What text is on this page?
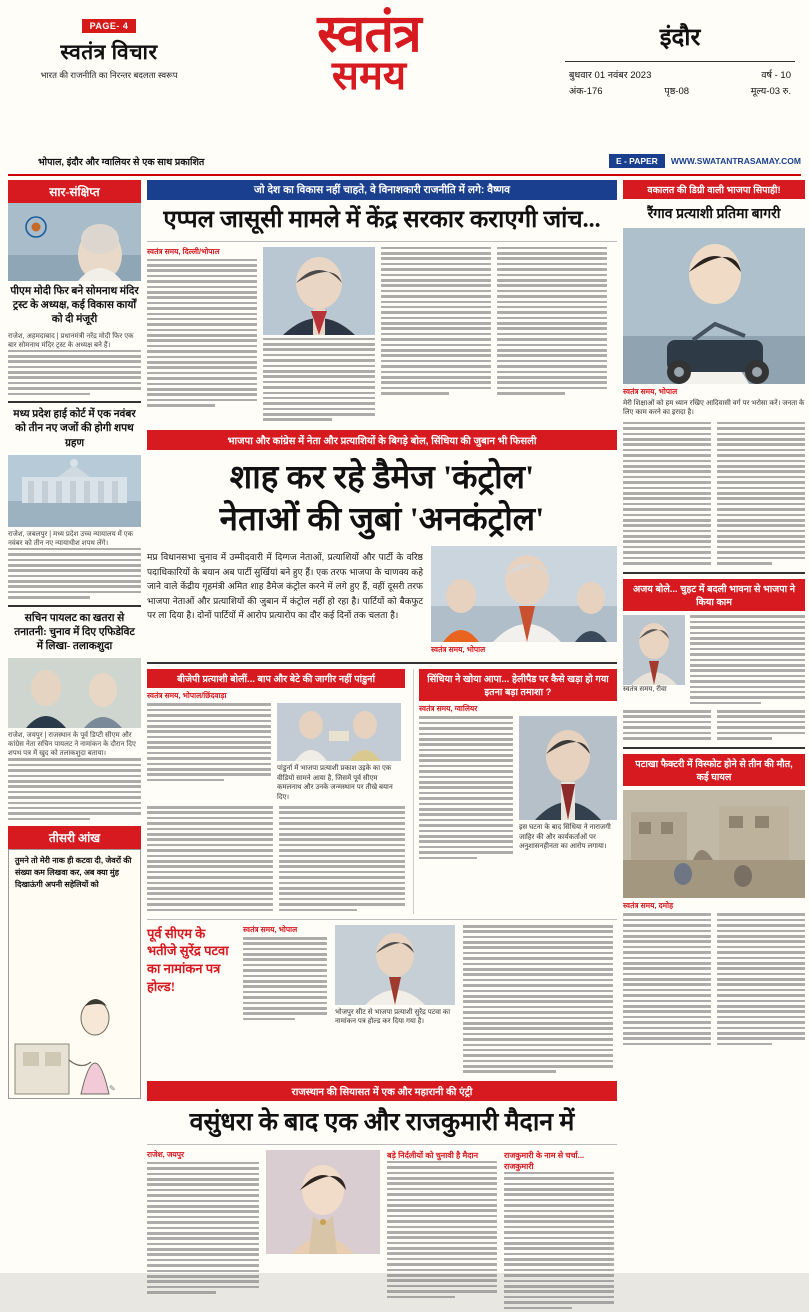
PAGE- 4
स्वतंत्र विचार
भारत की राजनीति का निरन्तर बदलता स्वरूप
स्वतंत्र
समय
इंदौर
बुधवार 01 नवंबर 2023	वर्ष - 10
अंक-176	पृष्ठ-08	मूल्य-03 रु.
भोपाल, इंदौर और ग्वालियर से एक साथ प्रकाशित	E - PAPER	WWW.SWATANTRASAMAY.COM
सार-संक्षिप्त
पीएम मोदी फिर बने सोमनाथ मंदिर ट्रस्ट के अध्यक्ष, कई विकास कार्यों को दी मंजूरी
राजेश, अहमदाबाद | प्रधानमंत्री नरेंद्र मोदी फिर एक बार सोमनाथ मंदिर ट्रस्ट के अध्यक्ष बने हैं।
मध्य प्रदेश हाई कोर्ट में एक नवंबर को तीन नए जजों की होगी शपथ ग्रहण
राजेश, जबलपुर | मध्य प्रदेश उच्च न्यायालय में एक नवंबर को तीन नए न्यायाधीश शपथ लेंगे।
सचिन पायलट का खतरा से तनातनी: चुनाव में दिए एफिडेविट में लिखा- तलाकशुदा
राजेश, जयपुर | राजस्थान के पूर्व डिप्टी सीएम और कांग्रेस नेता सचिन पायलट ने नामांकन के दौरान दिए शपथ पत्र में खुद को तलाकशुदा बताया।
तीसरी आंख
तुमने तो मेरी नाक ही कटवा दी, जेवरों की संख्या कम लिखवा कर, अब क्या मुंह दिखाऊंगी अपनी सहेलियों को
✎
जो देश का विकास नहीं चाहते, वे विनाशकारी राजनीति में लगे: वैष्णव
एप्पल जासूसी मामले में केंद्र सरकार कराएगी जांच...
स्वतंत्र समय, दिल्ली/भोपाल
भाजपा और कांग्रेस में नेता और प्रत्याशियों के बिगड़े बोल, सिंधिया की जुबान भी फिसली
शाह कर रहे डैमेज 'कंट्रोल'
नेताओं की जुबां 'अनकंट्रोल'
मप्र विधानसभा चुनाव में उम्मीदवारी में दिग्गज नेताओं, प्रत्याशियों और पार्टी के वरिष्ठ पदाधिकारियों के बयान अब पार्टी सुर्खियां बने हुए हैं। एक तरफ भाजपा के चाणक्य कहे जाने वाले केंद्रीय गृहमंत्री अमित शाह डैमेज कंट्रोल करने में लगे हुए हैं, वहीं दूसरी तरफ भाजपा नेताओं और प्रत्याशियों की जुबान में कंट्रोल नहीं हो रहा है। पार्टियों को बैकफुट पर ला दिया है। दोनों पार्टियों में आरोप प्रत्यारोप का दौर कई दिनों तक चलता है।
स्वतंत्र समय, भोपाल
बीजेपी प्रत्याशी बोलीं... बाप और बेटे की जागीर नहीं पांडुर्ना
स्वतंत्र समय, भोपाल/छिंदवाड़ा
पांडुर्ना में भाजपा प्रत्याशी प्रकाश उइके का एक वीडियो सामने आया है, जिसमें पूर्व सीएम कमलनाथ और उनके जन्मस्थान पर तीखे बयान दिए।
सिंधिया ने खोया आपा... हेलीपैड पर कैसे खड़ा हो गया इतना बड़ा तमाशा ?
स्वतंत्र समय, ग्वालियर
इस घटना के बाद सिंधिया ने नाराजगी जाहिर की और कार्यकर्ताओं पर अनुशासनहीनता का आरोप लगाया।
पूर्व सीएम के भतीजे सुरेंद्र पटवा का नामांकन पत्र होल्ड!
स्वतंत्र समय, भोपाल
भोजपुर सीट से भाजपा प्रत्याशी सुरेंद्र पटवा का नामांकन पत्र होल्ड कर दिया गया है।
राजस्थान की सियासत में एक और महारानी की एंट्री
वसुंधरा के बाद एक और राजकुमारी मैदान में
राजेश, जयपुर	बड़े निर्दलीयों को चुनावी है मैदान	राजकुमारी के नाम से चर्चा... राजकुमारी
वकालत की डिग्री वाली भाजपा सिपाही!
रैंगाव प्रत्याशी प्रतिमा बागरी
स्वतंत्र समय, भोपाल
मेरी शिक्षाओं को हम ध्यान रखिए आदिवासी वर्ग पर भरोसा करें। जनता के लिए काम करने का इरादा है।
अजय बोले... चुहट में बदली भावना से भाजपा ने किया काम
स्वतंत्र समय, रीवा
पटाखा फैक्टरी में विस्फोट होने से तीन की मौत, कई घायल
स्वतंत्र समय, दमोह
